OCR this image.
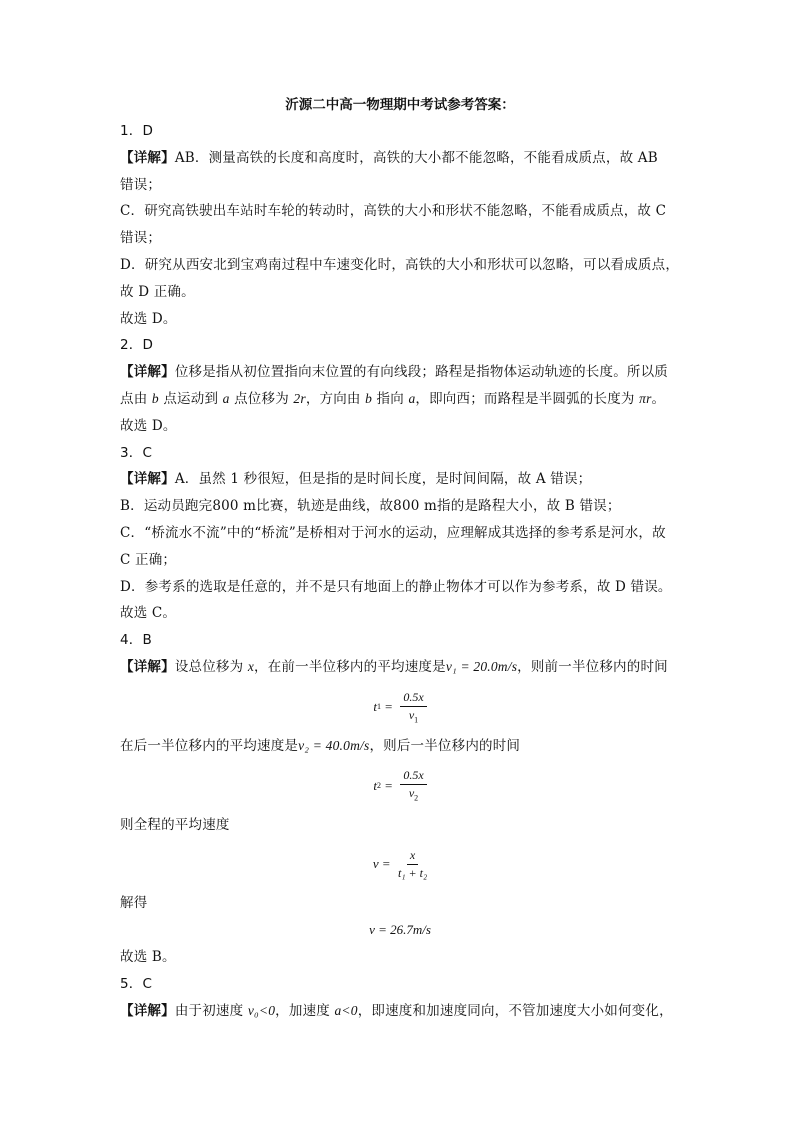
沂源二中高一物理期中考试参考答案：
1．D
【详解】AB．测量高铁的长度和高度时，高铁的大小都不能忽略，不能看成质点，故 AB
错误；
C．研究高铁驶出车站时车轮的转动时，高铁的大小和形状不能忽略，不能看成质点，故 C
错误；
D．研究从西安北到宝鸡南过程中车速变化时，高铁的大小和形状可以忽略，可以看成质点，
故 D 正确。
故选 D。
2．D
【详解】位移是指从初位置指向末位置的有向线段；路程是指物体运动轨迹的长度。所以质
点由 b 点运动到 a 点位移为 2r，方向由 b 指向 a，即向西；而路程是半圆弧的长度为 πr。
故选 D。
3．C
【详解】A．虽然 1 秒很短，但是指的是时间长度，是时间间隔，故 A 错误；
B．运动员跑完800 m比赛，轨迹是曲线，故800 m指的是路程大小，故 B 错误；
C．“桥流水不流”中的“桥流”是桥相对于河水的运动，应理解成其选择的参考系是河水，故
C 正确；
D．参考系的选取是任意的，并不是只有地面上的静止物体才可以作为参考系，故 D 错误。
故选 C。
4．B
【详解】设总位移为 x，在前一半位移内的平均速度是v₁ = 20.0m/s，则前一半位移内的时间
t $1 = \frac{0.5x}{v_1}$
在后一半位移内的平均速度是v₂ = 40.0m/s，则后一半位移内的时间
t $2 = \frac{0.5x}{v_2}$
则全程的平均速度
$v = \frac{x}{\text{t₁ + t₂}}$
解得
v = 26.7m/s
故选 B。
5．C
【详解】由于初速度 v₀<0，加速度 a<0，即速度和加速度同向，不管加速度大小如何变化，
